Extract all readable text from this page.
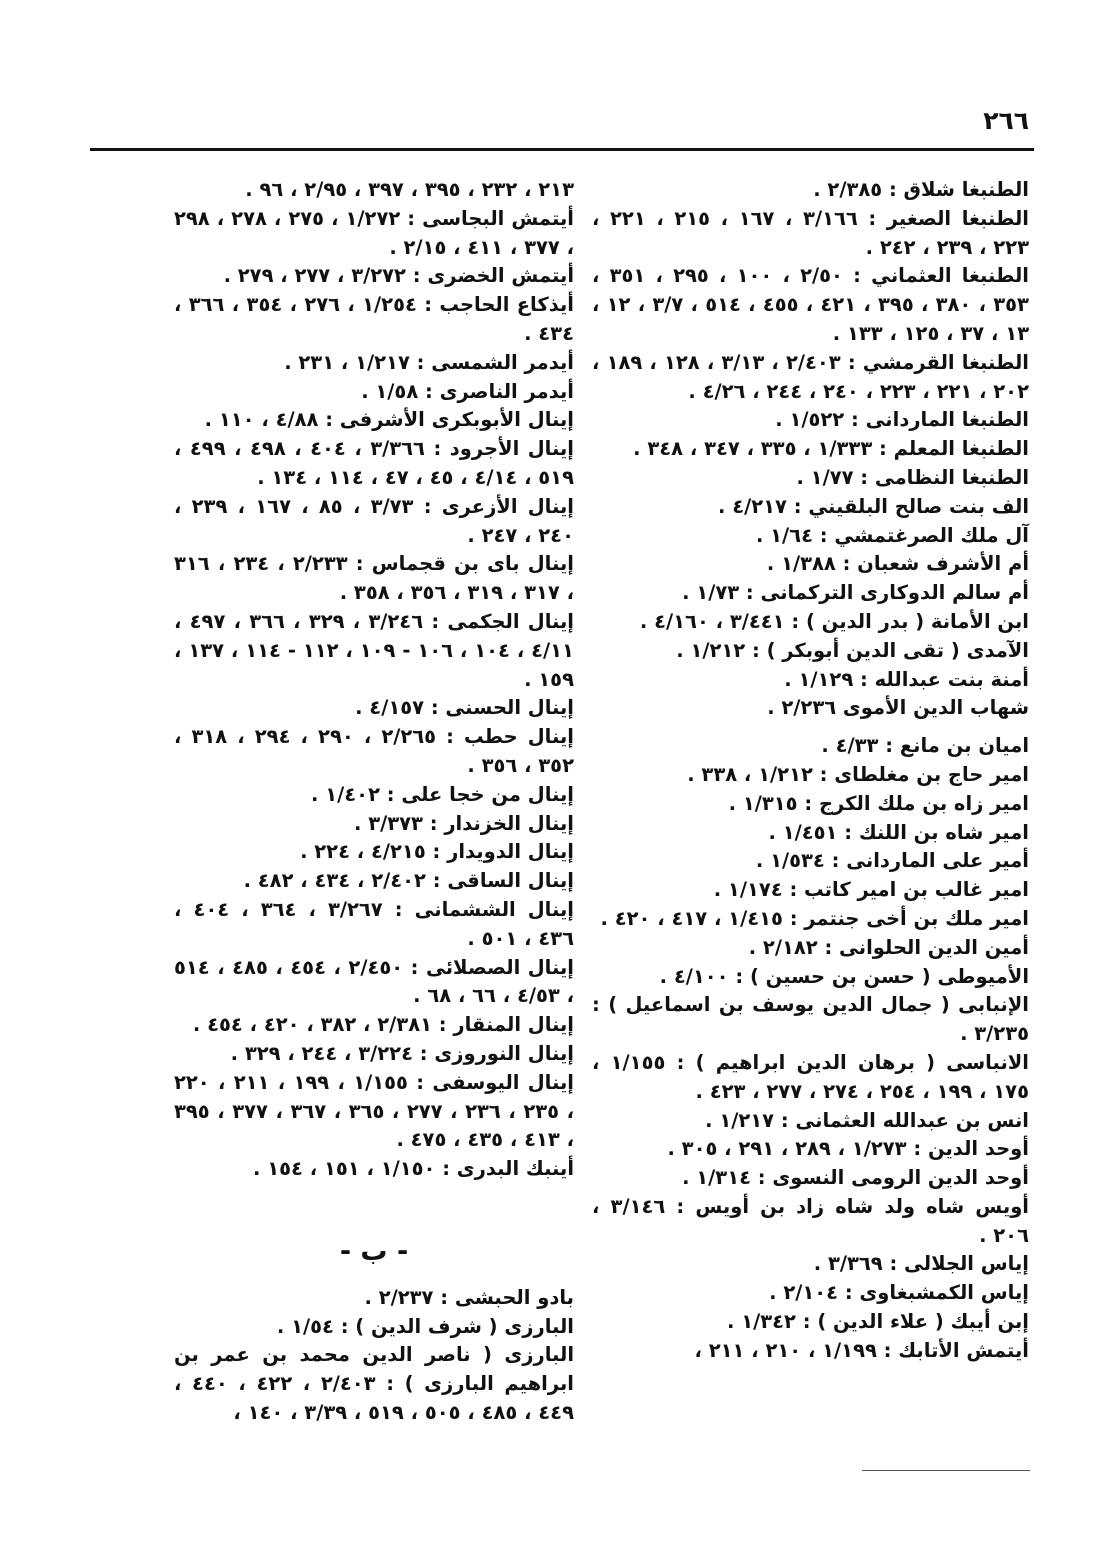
٢٦٦
الطنبغا شلاق : ٢/٣٨٥ .
الطنبغا الصغير : ٣/١٦٦ ، ١٦٧ ، ٢١٥ ، ٢٢١ ، ٢٢٣ ، ٢٣٩ ، ٢٤٢ .
الطنبغا العثماني : ٢/٥٠ ، ١٠٠ ، ٢٩٥ ، ٣٥١ ، ٣٥٣ ، ٣٨٠ ، ٣٩٥ ، ٤٢١ ، ٤٥٥ ، ٥١٤ ، ٣/٧ ، ١٢ ، ١٣ ، ٣٧ ، ١٢٥ ، ١٣٣ .
الطنبغا القرمشي : ٢/٤٠٣ ، ٣/١٣ ، ١٢٨ ، ١٨٩ ، ٢٠٢ ، ٢٢١ ، ٢٢٣ ، ٢٤٠ ، ٢٤٤ ، ٤/٢٦ .
الطنبغا الماردانى : ١/٥٢٢ .
الطنبغا المعلم : ١/٣٣٣ ، ٣٣٥ ، ٣٤٧ ، ٣٤٨ .
الطنبغا النظامى : ١/٧٧ .
الف بنت صالح البلقيني : ٤/٢١٧ .
آل ملك الصرغتمشي : ١/٦٤ .
أم الأشرف شعبان : ١/٣٨٨ .
أم سالم الدوكارى التركمانى : ١/٧٣ .
ابن الأمانة ( بدر الدين ) : ٣/٤٤١ ، ٤/١٦٠ .
الآمدى ( تقى الدين أبوبكر ) : ١/٢١٢ .
أمنة بنت عبدالله : ١/١٢٩ .
شهاب الدين الأموى ٢/٢٣٦ .
اميان بن مانع : ٤/٣٣ .
امير حاج بن مغلطاى : ١/٢١٢ ، ٣٣٨ .
امير زاه بن ملك الكرج : ١/٣١٥ .
امير شاه بن اللنك : ١/٤٥١ .
أمير على الماردانى : ١/٥٣٤ .
امير غالب بن امير كاتب : ١/١٧٤ .
امير ملك بن أخى جنتمر : ١/٤١٥ ، ٤١٧ ، ٤٢٠ .
أمين الدين الحلوانى : ٢/١٨٢ .
الأميوطى ( حسن بن حسين ) : ٤/١٠٠ .
الإنبابى ( جمال الدين يوسف بن اسماعيل ) : ٣/٢٣٥ .
الانباسى ( برهان الدين ابراهيم ) : ١/١٥٥ ، ١٧٥ ، ١٩٩ ، ٢٥٤ ، ٢٧٤ ، ٢٧٧ ، ٤٢٣ .
انس بن عبدالله العثمانى : ١/٢١٧ .
أوحد الدين : ١/٢٧٣ ، ٢٨٩ ، ٢٩١ ، ٣٠٥ .
أوحد الدين الرومى النسوى : ١/٣١٤ .
أويس شاه ولد شاه زاد بن أويس : ٣/١٤٦ ، ٢٠٦ .
إياس الجلالى : ٣/٣٦٩ .
إياس الكمشبغاوى : ٢/١٠٤ .
إبن أيبك ( علاء الدين ) : ١/٣٤٢ .
أيتمش الأتابك : ١/١٩٩ ، ٢١٠ ، ٢١١ ،
٢١٣ ، ٢٣٢ ، ٣٩٥ ، ٣٩٧ ، ٢/٩٥ ، ٩٦ .
أيتمش البجاسى : ١/٢٧٢ ، ٢٧٥ ، ٢٧٨ ، ٢٩٨ ، ٣٧٧ ، ٤١١ ، ٢/١٥ .
أيتمش الخضرى : ٣/٢٧٢ ، ٢٧٧ ، ٢٧٩ .
أيذكاع الحاجب : ١/٢٥٤ ، ٢٧٦ ، ٣٥٤ ، ٣٦٦ ، ٤٣٤ .
أيدمر الشمسى : ١/٢١٧ ، ٢٣١ .
أيدمر الناصرى : ١/٥٨ .
إينال الأبوبكرى الأشرفى : ٤/٨٨ ، ١١٠ .
إينال الأجرود : ٣/٣٦٦ ، ٤٠٤ ، ٤٩٨ ، ٤٩٩ ، ٥١٩ ، ٤/١٤ ، ٤٥ ، ٤٧ ، ١١٤ ، ١٣٤ .
إينال الأزعرى : ٣/٧٣ ، ٨٥ ، ١٦٧ ، ٢٣٩ ، ٢٤٠ ، ٢٤٧ .
إينال باى بن قجماس : ٢/٢٣٣ ، ٢٣٤ ، ٣١٦ ، ٣١٧ ، ٣١٩ ، ٣٥٦ ، ٣٥٨ .
إينال الجكمى : ٣/٢٤٦ ، ٣٢٩ ، ٣٦٦ ، ٤٩٧ ، ٤/١١ ، ١٠٤ ، ١٠٦ - ١٠٩ ، ١١٢ - ١١٤ ، ١٣٧ ، ١٥٩ .
إينال الحسنى : ٤/١٥٧ .
إينال حطب : ٢/٢٦٥ ، ٢٩٠ ، ٢٩٤ ، ٣١٨ ، ٣٥٢ ، ٣٥٦ .
إينال من خجا على : ١/٤٠٢ .
إينال الخزندار : ٣/٣٧٣ .
إينال الدويدار : ٤/٢١٥ ، ٢٢٤ .
إينال الساقى : ٢/٤٠٢ ، ٤٣٤ ، ٤٨٢ .
إينال الششمانى : ٣/٢٦٧ ، ٣٦٤ ، ٤٠٤ ، ٤٣٦ ، ٥٠١ .
إينال الصصلائى : ٢/٤٥٠ ، ٤٥٤ ، ٤٨٥ ، ٥١٤ ، ٤/٥٣ ، ٦٦ ، ٦٨ .
إينال المنقار : ٢/٣٨١ ، ٣٨٢ ، ٤٢٠ ، ٤٥٤ .
إينال النوروزى : ٣/٢٢٤ ، ٢٤٤ ، ٣٢٩ .
إينال اليوسفى : ١/١٥٥ ، ١٩٩ ، ٢١١ ، ٢٢٠ ، ٢٣٥ ، ٢٣٦ ، ٢٧٧ ، ٣٦٥ ، ٣٦٧ ، ٣٧٧ ، ٣٩٥ ، ٤١٣ ، ٤٣٥ ، ٤٧٥ .
أينبك البدرى : ١/١٥٠ ، ١٥١ ، ١٥٤ .
- ب -
بادو الحبشى : ٢/٢٣٧ .
البارزى ( شرف الدين ) : ١/٥٤ .
البارزى ( ناصر الدين محمد بن عمر بن ابراهيم البارزى ) : ٢/٤٠٣ ، ٤٢٢ ، ٤٤٠ ، ٤٤٩ ، ٤٨٥ ، ٥٠٥ ، ٥١٩ ، ٣/٣٩ ، ١٤٠ ،
